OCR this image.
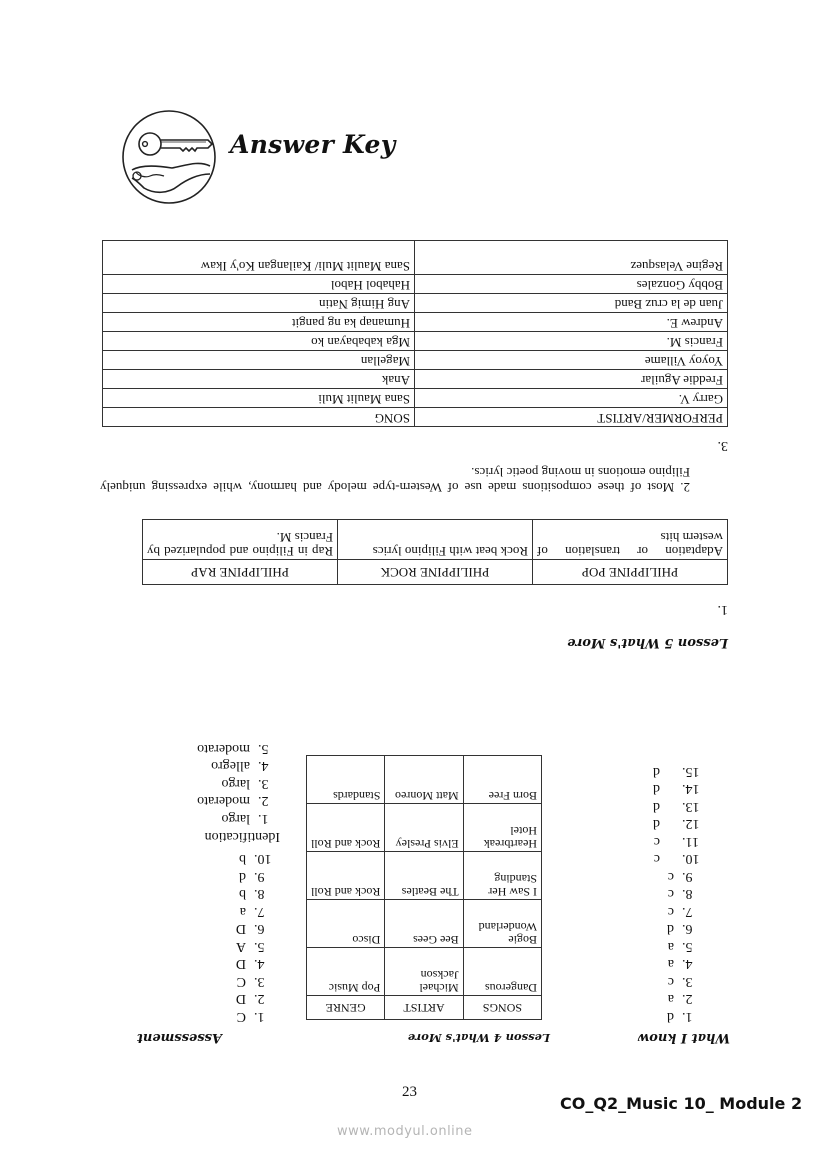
Answer Key
Lesson 5 What's More
1.
PHILIPPINE POP	PHILIPPINE ROCK	PHILIPPINE RAP
Adaptation or translation of western hits	Rock beat with Filipino lyrics	Rap in Filipino and popularized by Francis M.
2. Most of these compositions made use of Western-type melody and harmony, while expressing uniquely Filipino emotions in moving poetic lyrics.
3.
PERFORMER/ARTIST	SONG
Garry V.	Sana Maulit Muli
Freddie Aguilar	Anak
Yoyoy Villame	Magellan
Francis M.	Mga kababayan ko
Andrew E.	Humanap ka ng pangit
Juan de la cruz Band	Ang Himig Natin
Bobby Gonzales	Hahabol Habol
Regine Velasquez	Sana Maulit Muli/ Kailangan Ko'y Ikaw
What I know
1.d
2.a
3.c
4.a
5.a
6.d
7.c
8.c
9.c
10.c
11.c
12.d
13.d
14.d
15.d
Lesson 4 What's More
SONGS	ARTIST	GENRE
Dangerous	Michael Jackson	Pop Music
Bogie Wonderland	Bee Gees	Disco
I Saw Her Standing	The Beatles	Rock and Roll
Heartbreak Hotel	Elvis Presley	Rock and Roll
Born Free	Matt Monreo	Standards
Assessment
1.C
2.D
3.C
4.D
5.A
6.D
7.a
8.b
9.d
10.b
Identification
1.largo
2.moderato
3.largo
4.allegro
5.moderato
23
CO_Q2_Music 10_ Module 2
www.modyul.online
